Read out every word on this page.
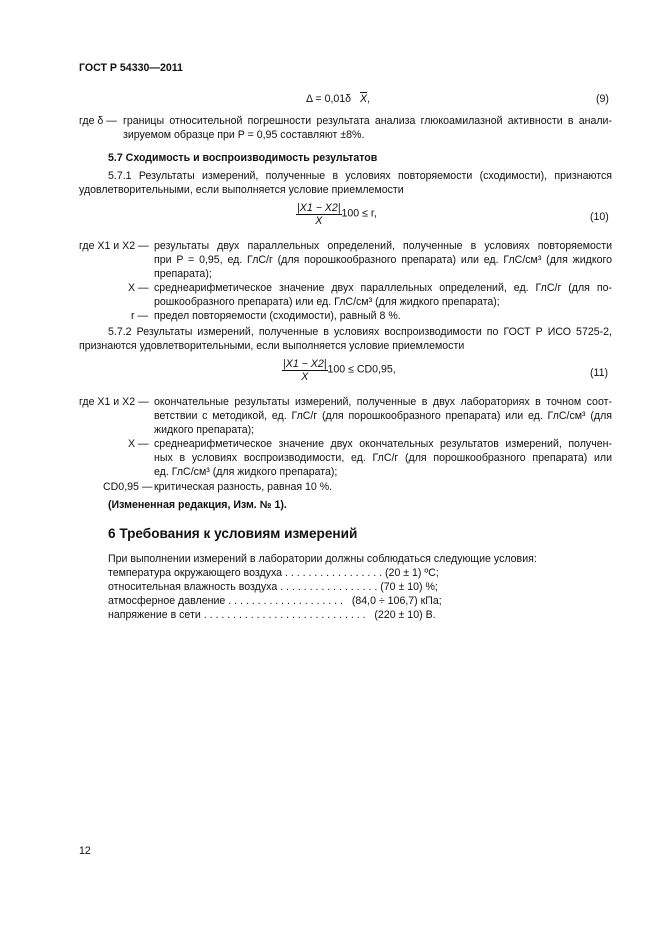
ГОСТ Р 54330—2011
Δ = 0,01δ $\overline{X}$,	(9)
где δ — границы относительной погрешности результата анализа глюкоамилазной активности в анали-
зируемом образце при P = 0,95 составляют ±8%.
5.7 Сходимость и воспроизводимость результатов
5.7.1 Результаты измерений, полученные в условиях повторяемости (сходимости), признаются
удовлетворительными, если выполняется условие приемлемости
$\frac{|X1 - X2|}{X} 100 \le r$,	(10)
где X1 и X2 — результаты двух параллельных определений, полученные в условиях повторяемости
при P = 0,95, ед. ГлС/г (для порошкообразного препарата) или ед. ГлС/см³ (для жидкого
препарата);
X — среднеарифметическое значение двух параллельных определений, ед. ГлС/г (для по-
рошкообразного препарата) или ед. ГлС/см³ (для жидкого препарата);
r — предел повторяемости (сходимости), равный 8 %.
5.7.2 Результаты измерений, полученные в условиях воспроизводимости по ГОСТ Р ИСО 5725-2,
признаются удовлетворительными, если выполняется условие приемлемости
$\frac{|X1 - X2|}{X} 100 \le CD0,95$,	(11)
где X1 и X2 — окончательные результаты измерений, полученные в двух лабораториях в точном соот-
ветствии с методикой, ед. ГлС/г (для порошкообразного препарата) или ед. ГлС/см³ (для
жидкого препарата);
X — среднеарифметическое значение двух окончательных результатов измерений, получен-
ных в условиях воспроизводимости, ед. ГлС/г (для порошкообразного препарата) или
ед. ГлС/см³ (для жидкого препарата);
CD0,95 — критическая разность, равная 10 %.
(Измененная редакция, Изм. № 1).
6 Требования к условиям измерений
При выполнении измерений в лаборатории должны соблюдаться следующие условия:
температура окружающего воздуха . . . . . . . . . . . . . . . . . (20 ± 1) ºC;
относительная влажность воздуха . . . . . . . . . . . . . . . . . (70 ± 10) %;
атмосферное давление . . . . . . . . . . . . . . . . . . . .   (84,0 ÷ 106,7) кПа;
напряжение в сети . . . . . . . . . . . . . . . . . . . . . . . . . . . .   (220 ± 10) В.
12
